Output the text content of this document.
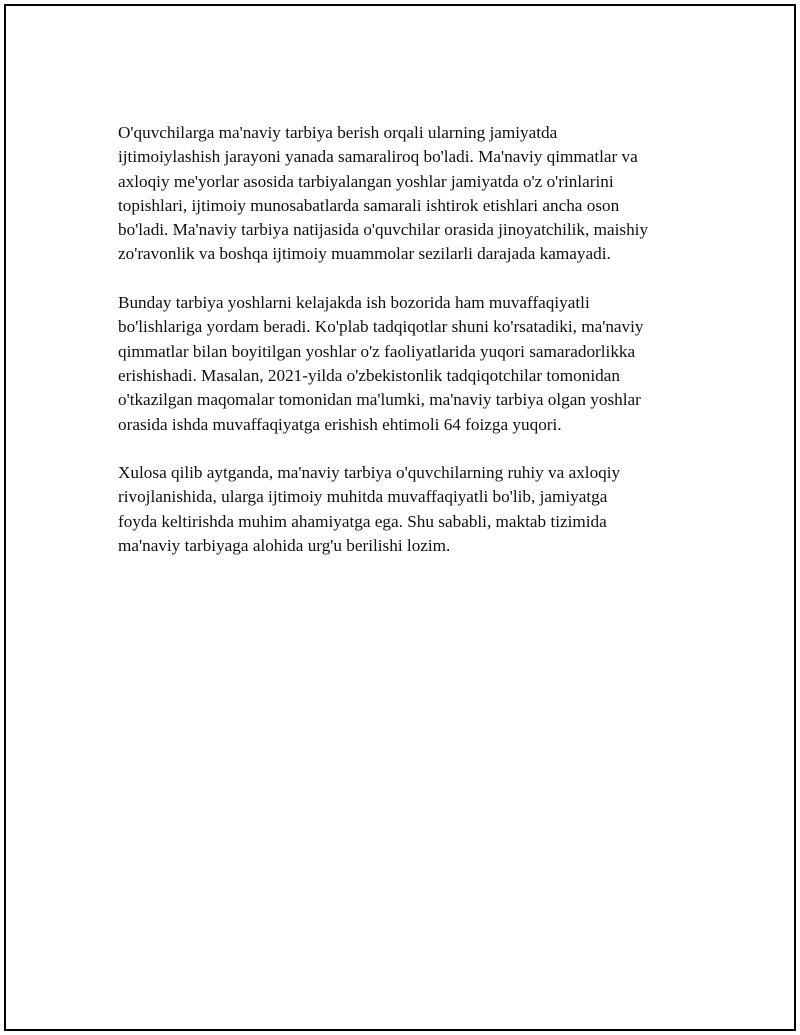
O'quvchilarga ma'naviy tarbiya berish orqali ularning jamiyatda
ijtimoiylashish jarayoni yanada samaraliroq bo'ladi. Ma'naviy qimmatlar va
axloqiy me'yorlar asosida tarbiyalangan yoshlar jamiyatda o'z o'rinlarini
topishlari, ijtimoiy munosabatlarda samarali ishtirok etishlari ancha oson
bo'ladi. Ma'naviy tarbiya natijasida o'quvchilar orasida jinoyatchilik, maishiy
zo'ravonlik va boshqa ijtimoiy muammolar sezilarli darajada kamayadi.

Bunday tarbiya yoshlarni kelajakda ish bozorida ham muvaffaqiyatli
bo'lishlariga yordam beradi. Ko'plab tadqiqotlar shuni ko'rsatadiki, ma'naviy
qimmatlar bilan boyitilgan yoshlar o'z faoliyatlarida yuqori samaradorlikka
erishishadi. Masalan, 2021-yilda o'zbekistonlik tadqiqotchilar tomonidan
o'tkazilgan maqomalar tomonidan ma'lumki, ma'naviy tarbiya olgan yoshlar
orasida ishda muvaffaqiyatga erishish ehtimoli 64 foizga yuqori.

Xulosa qilib aytganda, ma'naviy tarbiya o'quvchilarning ruhiy va axloqiy
rivojlanishida, ularga ijtimoiy muhitda muvaffaqiyatli bo'lib, jamiyatga
foyda keltirishda muhim ahamiyatga ega. Shu sababli, maktab tizimida
ma'naviy tarbiyaga alohida urg'u berilishi lozim.
